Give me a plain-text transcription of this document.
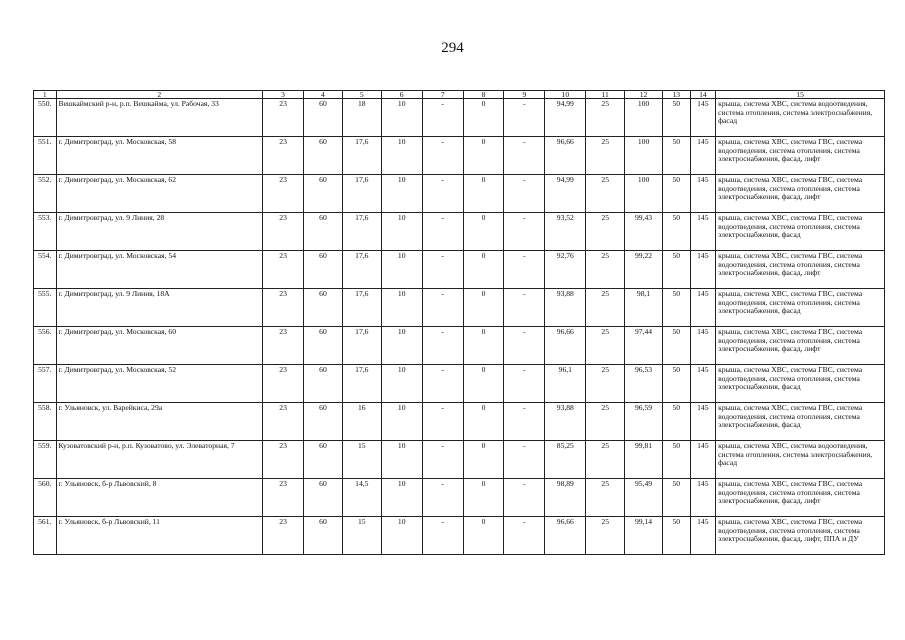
294
1	2	3	4	5	6	7	8	9	10	11	12	13	14	15
550.	Вешкаймский р-н, р.п. Вешкайма, ул. Рабочая, 33	23	60	18	10	-	0	-	94,99	25	100	50	145	крыша, система ХВС, система водоотведения, система отопления, система электроснабжения, фасад
551.	г. Димитровград, ул. Московская, 58	23	60	17,6	10	-	0	-	96,66	25	100	50	145	крыша, система ХВС, система ГВС, система водоотведения, система отопления, система электроснабжения, фасад, лифт
552.	г. Димитровград, ул. Московская, 62	23	60	17,6	10	-	0	-	94,99	25	100	50	145	крыша, система ХВС, система ГВС, система водоотведения, система отопления, система электроснабжения, фасад, лифт
553.	г. Димитровград, ул. 9 Линия, 28	23	60	17,6	10	-	0	-	93,52	25	99,43	50	145	крыша, система ХВС, система ГВС, система водоотведения, система отопления, система электроснабжения, фасад
554.	г. Димитровград, ул. Московская, 54	23	60	17,6	10	-	0	-	92,76	25	99,22	50	145	крыша, система ХВС, система ГВС, система водоотведения, система отопления, система электроснабжения, фасад, лифт
555.	г. Димитровград, ул. 9 Линия, 18А	23	60	17,6	10	-	0	-	93,88	25	98,1	50	145	крыша, система ХВС, система ГВС, система водоотведения, система отопления, система электроснабжения, фасад
556.	г. Димитровград, ул. Московская, 60	23	60	17,6	10	-	0	-	96,66	25	97,44	50	145	крыша, система ХВС, система ГВС, система водоотведения, система отопления, система электроснабжения, фасад, лифт
557.	г. Димитровград, ул. Московская, 52	23	60	17,6	10	-	0	-	96,1	25	96,53	50	145	крыша, система ХВС, система ГВС, система водоотведения, система отопления, система электроснабжения, фасад
558.	г. Ульяновск, ул. Варейкиса, 29а	23	60	16	10	-	0	-	93,88	25	96,59	50	145	крыша, система ХВС, система ГВС, система водоотведения, система отопления, система электроснабжения, фасад
559.	Кузоватовский р-н, р.п. Кузоватово, ул. Элеваторная, 7	23	60	15	10	-	0	-	85,25	25	99,81	50	145	крыша, система ХВС, система водоотведения, система отопления, система электроснабжения, фасад
560.	г. Ульяновск, б-р Львовский, 8	23	60	14,5	10	-	0	-	98,89	25	95,49	50	145	крыша, система ХВС, система ГВС, система водоотведения, система отопления, система электроснабжения, фасад, лифт
561.	г. Ульяновск, б-р Львовский, 11	23	60	15	10	-	0	-	96,66	25	99,14	50	145	крыша, система ХВС, система ГВС, система водоотведения, система отопления, система электроснабжения, фасад, лифт, ППА и ДУ
